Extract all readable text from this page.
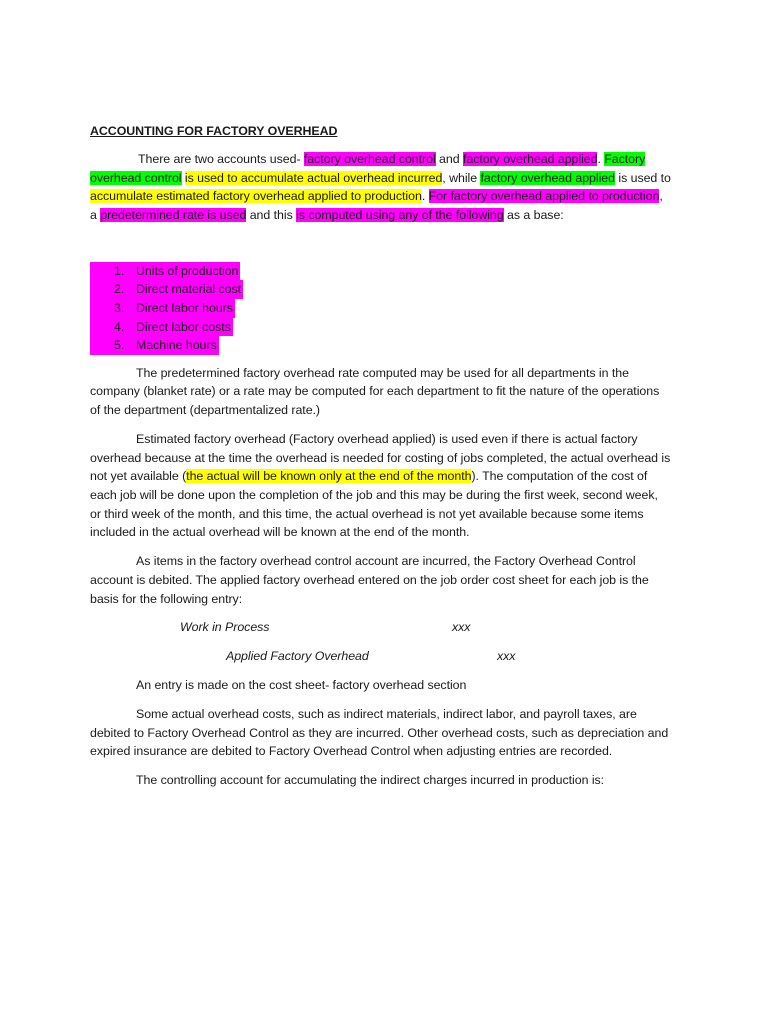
ACCOUNTING FOR FACTORY OVERHEAD

There are two accounts used- factory overhead control and factory overhead applied. Factory overhead control is used to accumulate actual overhead incurred, while factory overhead applied is used to accumulate estimated factory overhead applied to production. For factory overhead applied to production, a predetermined rate is used and this is computed using any of the following as a base:

1. Units of production
2. Direct material cost
3. Direct labor hours
4. Direct labor costs
5. Machine hours

The predetermined factory overhead rate computed may be used for all departments in the company (blanket rate) or a rate may be computed for each department to fit the nature of the operations of the department (departmentalized rate.)

Estimated factory overhead (Factory overhead applied) is used even if there is actual factory overhead because at the time the overhead is needed for costing of jobs completed, the actual overhead is not yet available (the actual will be known only at the end of the month). The computation of the cost of each job will be done upon the completion of the job and this may be during the first week, second week, or third week of the month, and this time, the actual overhead is not yet available because some items included in the actual overhead will be known at the end of the month.

As items in the factory overhead control account are incurred, the Factory Overhead Control account is debited. The applied factory overhead entered on the job order cost sheet for each job is the basis for the following entry:

Work in Process	xxx
Applied Factory Overhead	xxx

An entry is made on the cost sheet- factory overhead section

Some actual overhead costs, such as indirect materials, indirect labor, and payroll taxes, are debited to Factory Overhead Control as they are incurred. Other overhead costs, such as depreciation and expired insurance are debited to Factory Overhead Control when adjusting entries are recorded.

The controlling account for accumulating the indirect charges incurred in production is:
